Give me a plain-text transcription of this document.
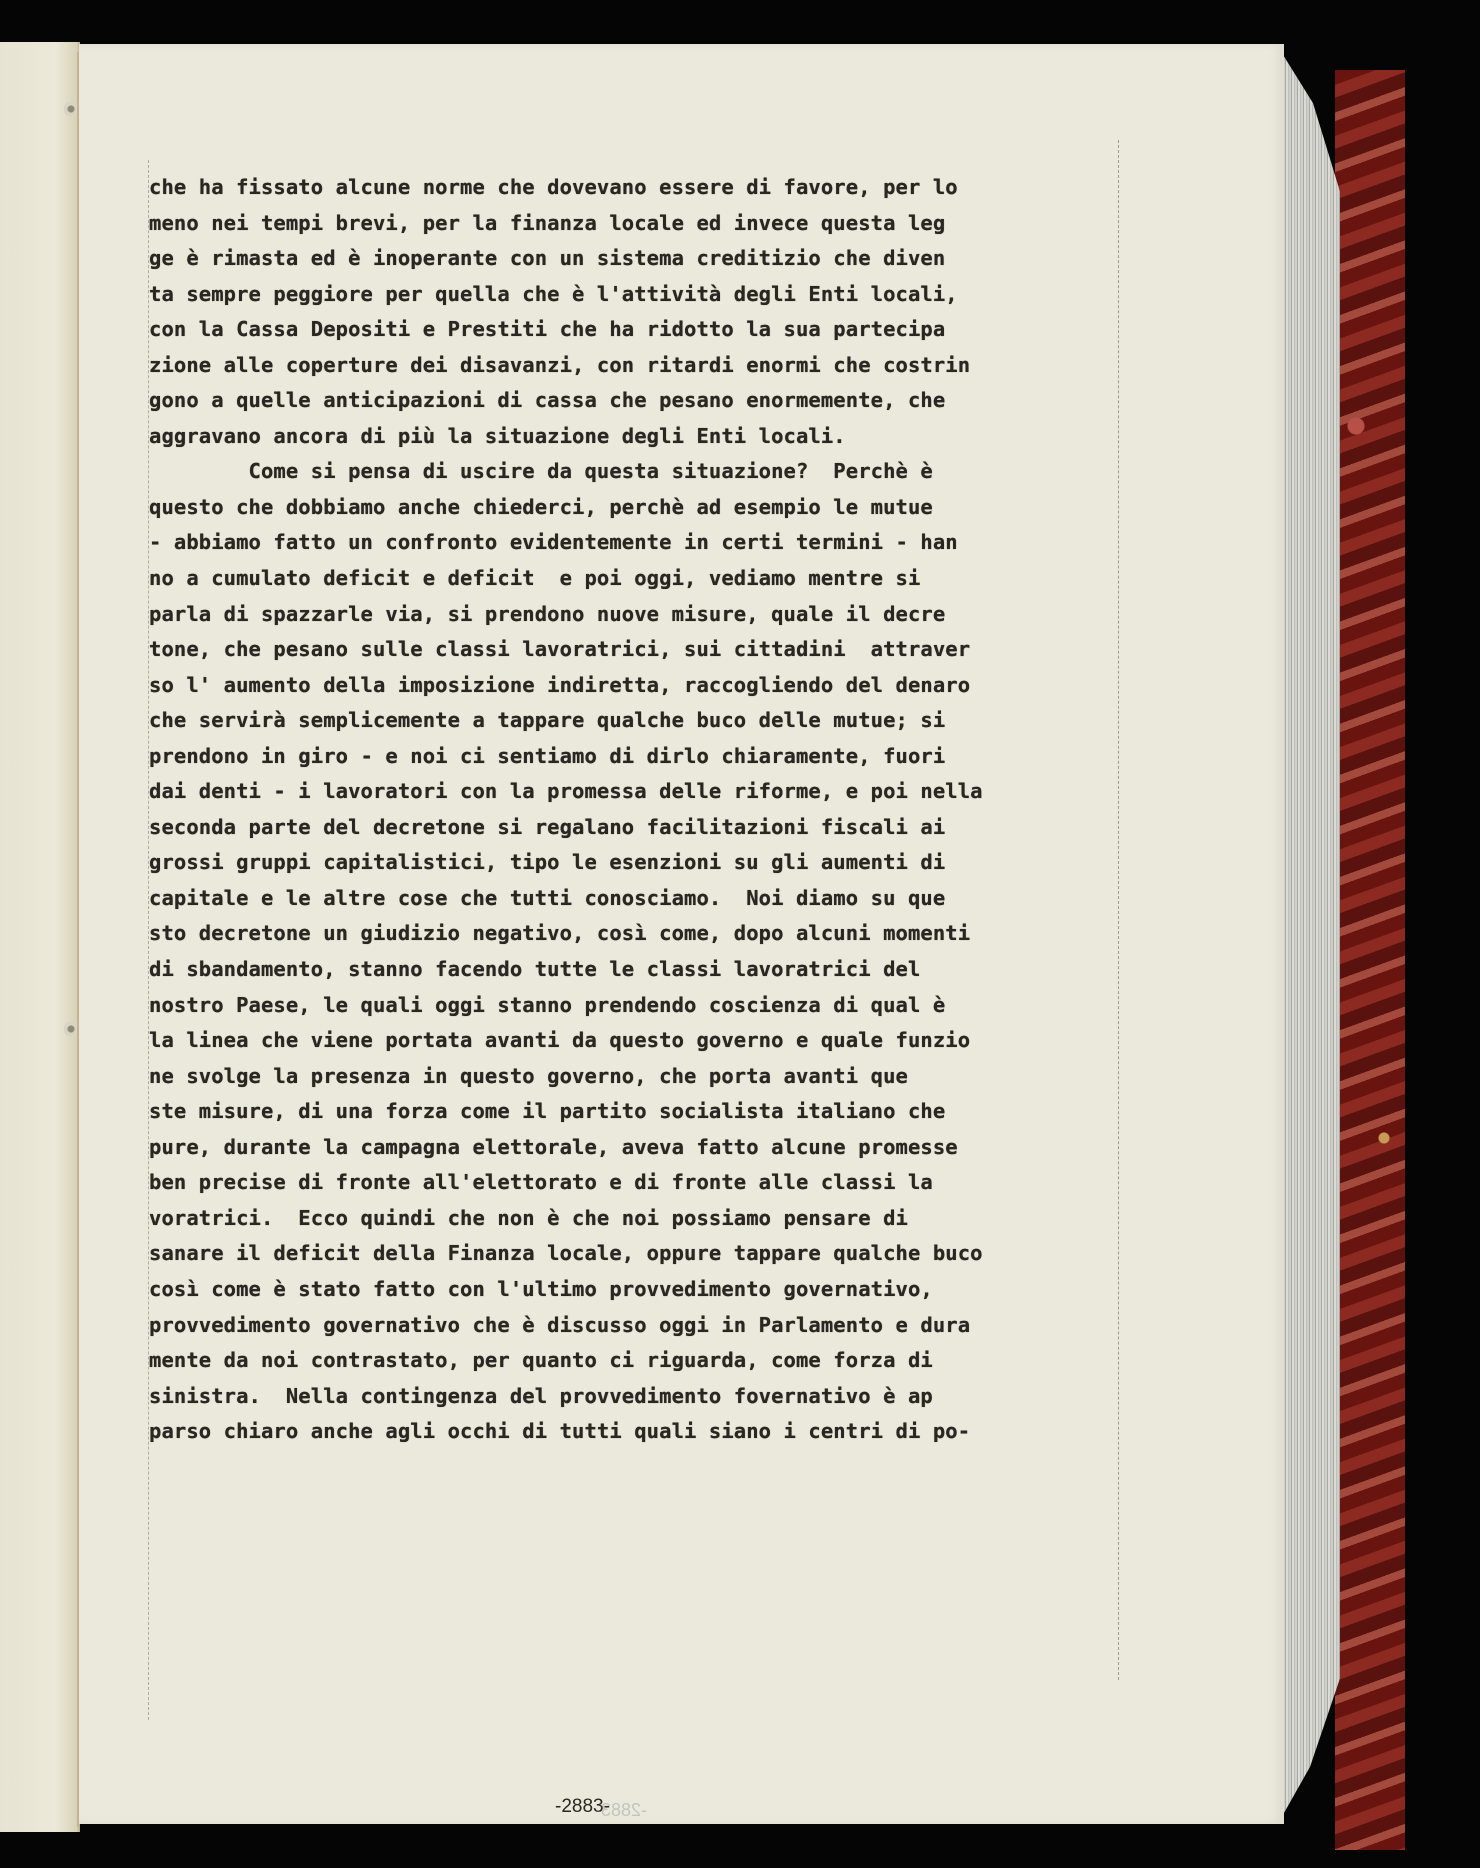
che ha fissato alcune norme che dovevano essere di favore, per lo
meno nei tempi brevi, per la finanza locale ed invece questa leg
ge è rimasta ed è inoperante con un sistema creditizio che diven
ta sempre peggiore per quella che è l'attività degli Enti locali,
con la Cassa Depositi e Prestiti che ha ridotto la sua partecipa
zione alle coperture dei disavanzi, con ritardi enormi che costrin
gono a quelle anticipazioni di cassa che pesano enormemente, che
aggravano ancora di più la situazione degli Enti locali.
Come si pensa di uscire da questa situazione?  Perchè è
questo che dobbiamo anche chiederci, perchè ad esempio le mutue
- abbiamo fatto un confronto evidentemente in certi termini - han
no a cumulato deficit e deficit  e poi oggi, vediamo mentre si
parla di spazzarle via, si prendono nuove misure, quale il decre
tone, che pesano sulle classi lavoratrici, sui cittadini  attraver
so l' aumento della imposizione indiretta, raccogliendo del denaro
che servirà semplicemente a tappare qualche buco delle mutue; si
prendono in giro - e noi ci sentiamo di dirlo chiaramente, fuori
dai denti - i lavoratori con la promessa delle riforme, e poi nella
seconda parte del decretone si regalano facilitazioni fiscali ai
grossi gruppi capitalistici, tipo le esenzioni su gli aumenti di
capitale e le altre cose che tutti conosciamo.  Noi diamo su que
sto decretone un giudizio negativo, così come, dopo alcuni momenti
di sbandamento, stanno facendo tutte le classi lavoratrici del
nostro Paese, le quali oggi stanno prendendo coscienza di qual è
la linea che viene portata avanti da questo governo e quale funzio
ne svolge la presenza in questo governo, che porta avanti que
ste misure, di una forza come il partito socialista italiano che
pure, durante la campagna elettorale, aveva fatto alcune promesse
ben precise di fronte all'elettorato e di fronte alle classi la
voratrici.  Ecco quindi che non è che noi possiamo pensare di
sanare il deficit della Finanza locale, oppure tappare qualche buco
così come è stato fatto con l'ultimo provvedimento governativo,
provvedimento governativo che è discusso oggi in Parlamento e dura
mente da noi contrastato, per quanto ci riguarda, come forza di
sinistra.  Nella contingenza del provvedimento fovernativo è ap
parso chiaro anche agli occhi di tutti quali siano i centri di po-
-2883-
-2883-
